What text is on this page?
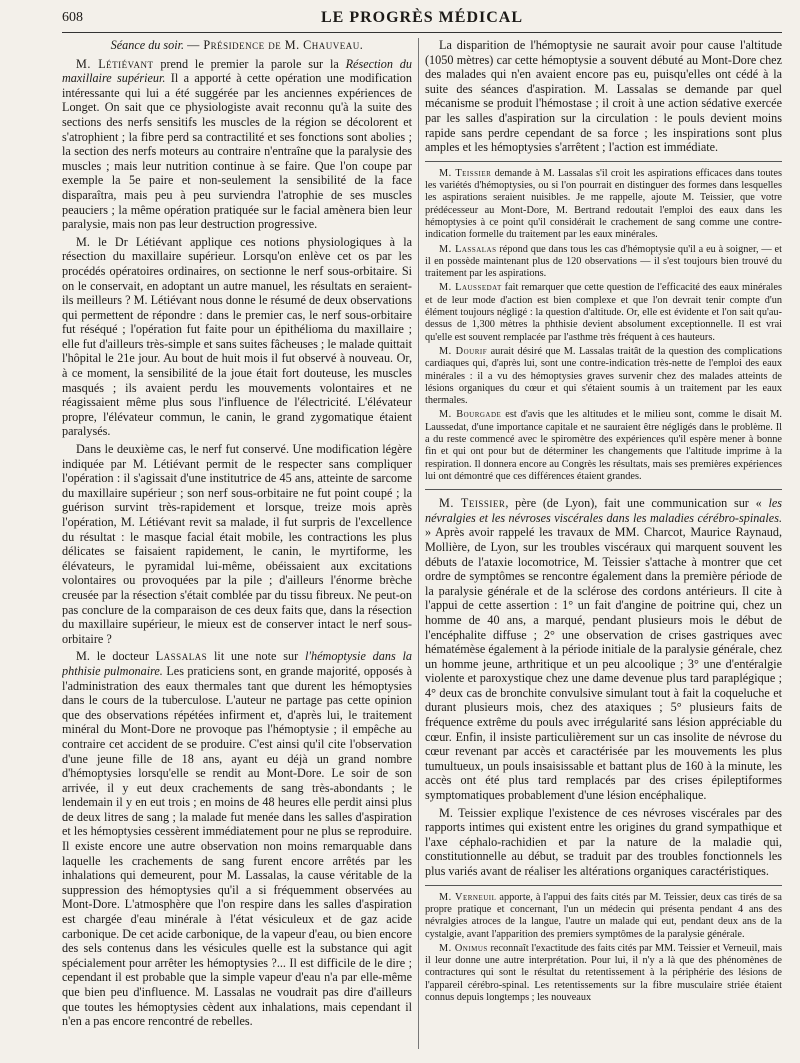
608	LE PROGRÈS MÉDICAL

Séance du soir. — Présidence de M. Chauveau.

M. Létiévant prend le premier la parole sur la Résection du maxillaire supérieur. Il a apporté à cette opération une modification intéressante qui lui a été suggérée par les anciennes expériences de Longet. On sait que ce physiologiste avait reconnu qu'à la suite des sections des nerfs sensitifs les muscles de la région se décolorent et s'atrophient ; la fibre perd sa contractilité et ses fonctions sont abolies ; la section des nerfs moteurs au contraire n'entraîne que la paralysie des muscles ; mais leur nutrition continue à se faire. Que l'on coupe par exemple la 5e paire et non-seulement la sensibilité de la face disparaîtra, mais peu à peu surviendra l'atrophie de ses muscles peauciers ; la même opération pratiquée sur le facial amènera bien leur paralysie, mais non pas leur destruction progressive.

M. le Dr Létiévant applique ces notions physiologiques à la résection du maxillaire supérieur. Lorsqu'on enlève cet os par les procédés opératoires ordinaires, on sectionne le nerf sous-orbitaire. Si on le conservait, en adoptant un autre manuel, les résultats en seraient-ils meilleurs ? M. Létiévant nous donne le résumé de deux observations qui permettent de répondre : dans le premier cas, le nerf sous-orbitaire fut réséqué ; l'opération fut faite pour un épithélioma du maxillaire ; elle fut d'ailleurs très-simple et sans suites fâcheuses ; le malade quittait l'hôpital le 21e jour. Au bout de huit mois il fut observé à nouveau. Or, à ce moment, la sensibilité de la joue était fort douteuse, les muscles masqués ; ils avaient perdu les mouvements volontaires et ne réagissaient même plus sous l'influence de l'électricité. L'élévateur propre, l'élévateur commun, le canin, le grand zygomatique étaient paralysés.

Dans le deuxième cas, le nerf fut conservé. Une modification légère indiquée par M. Létiévant permit de le respecter sans compliquer l'opération : il s'agissait d'une institutrice de 45 ans, atteinte de sarcome du maxillaire supérieur ; son nerf sous-orbitaire ne fut point coupé ; la guérison survint très-rapidement et lorsque, treize mois après l'opération, M. Létiévant revit sa malade, il fut surpris de l'excellence du résultat : le masque facial était mobile, les contractions les plus délicates se faisaient rapidement, le canin, le myrtiforme, les élévateurs, le pyramidal lui-même, obéissaient aux excitations volontaires ou provoquées par la pile ; d'ailleurs l'énorme brèche creusée par la résection s'était comblée par du tissu fibreux. Ne peut-on pas conclure de la comparaison de ces deux faits que, dans la résection du maxillaire supérieur, le mieux est de conserver intact le nerf sous-orbitaire ?

M. le docteur Lassalas lit une note sur l'hémoptysie dans la phthisie pulmonaire. Les praticiens sont, en grande majorité, opposés à l'administration des eaux thermales tant que durent les hémoptysies dans le cours de la tuberculose. L'auteur ne partage pas cette opinion que des observations répétées infirment et, d'après lui, le traitement minéral du Mont-Dore ne provoque pas l'hémoptysie ; il empêche au contraire cet accident de se produire. C'est ainsi qu'il cite l'observation d'une jeune fille de 18 ans, ayant eu déjà un grand nombre d'hémoptysies lorsqu'elle se rendit au Mont-Dore. Le soir de son arrivée, il y eut deux crachements de sang très-abondants ; le lendemain il y en eut trois ; en moins de 48 heures elle perdit ainsi plus de deux litres de sang ; la malade fut menée dans les salles d'aspiration et les hémoptysies cessèrent immédiatement pour ne plus se reproduire. Il existe encore une autre observation non moins remarquable dans laquelle les crachements de sang furent encore arrêtés par les inhalations qui demeurent, pour M. Lassalas, la cause véritable de la suppression des hémoptysies qu'il a si fréquemment observées au Mont-Dore. L'atmosphère que l'on respire dans les salles d'aspiration est chargée d'eau minérale à l'état vésiculeux et de gaz acide carbonique. De cet acide carbonique, de la vapeur d'eau, ou bien encore des sels contenus dans les vésicules quelle est la substance qui agit spécialement pour arrêter les hémoptysies ?... Il est difficile de le dire ; cependant il est probable que la simple vapeur d'eau n'a par elle-même que bien peu d'influence. M. Lassalas ne voudrait pas dire d'ailleurs que toutes les hémoptysies cèdent aux inhalations, mais cependant il n'en a pas encore rencontré de rebelles.

La disparition de l'hémoptysie ne saurait avoir pour cause l'altitude (1050 mètres) car cette hémoptysie a souvent débuté au Mont-Dore chez des malades qui n'en avaient encore pas eu, puisqu'elles ont cédé à la suite des séances d'aspiration. M. Lassalas se demande par quel mécanisme se produit l'hémostase ; il croit à une action sédative exercée par les salles d'aspiration sur la circulation : le pouls devient moins rapide sans perdre cependant de sa force ; les inspirations sont plus amples et les hémoptysies s'arrêtent ; l'action est immédiate.

M. Teissier demande à M. Lassalas s'il croit les aspirations efficaces dans toutes les variétés d'hémoptysies, ou si l'on pourrait en distinguer des formes dans lesquelles les aspirations seraient nuisibles. Je me rappelle, ajoute M. Teissier, que votre prédécesseur au Mont-Dore, M. Bertrand redoutait l'emploi des eaux dans les hémoptysies à ce point qu'il considérait le crachement de sang comme une contre-indication formelle du traitement par les eaux minérales.

M. Lassalas répond que dans tous les cas d'hémoptysie qu'il a eu à soigner, — et il en possède maintenant plus de 120 observations — il s'est toujours bien trouvé du traitement par les aspirations.

M. Laussedat fait remarquer que cette question de l'efficacité des eaux minérales et de leur mode d'action est bien complexe et que l'on devrait tenir compte d'un élément toujours négligé : la question d'altitude. Or, elle est évidente et l'on sait qu'au-dessus de 1,300 mètres la phthisie devient absolument exceptionnelle. Il est vrai qu'elle est souvent remplacée par l'asthme très fréquent à ces hauteurs.

M. Dourif aurait désiré que M. Lassalas traitât de la question des complications cardiaques qui, d'après lui, sont une contre-indication très-nette de l'emploi des eaux minérales : il a vu des hémoptysies graves survenir chez des malades atteints de lésions organiques du cœur et qui s'étaient soumis à un traitement par les eaux thermales.

M. Bourgade est d'avis que les altitudes et le milieu sont, comme le disait M. Laussedat, d'une importance capitale et ne sauraient être négligés dans le problème. Il a du reste commencé avec le spiromètre des expériences qu'il espère mener à bonne fin et qui ont pour but de déterminer les changements que l'altitude imprime à la respiration. Il donnera encore au Congrès les résultats, mais ses premières expériences lui ont démontré que ces différences étaient grandes.

M. Teissier, père (de Lyon), fait une communication sur « les névralgies et les névroses viscérales dans les maladies cérébro-spinales. » Après avoir rappelé les travaux de MM. Charcot, Maurice Raynaud, Mollière, de Lyon, sur les troubles viscéraux qui marquent souvent les débuts de l'ataxie locomotrice, M. Teissier s'attache à montrer que cet ordre de symptômes se rencontre également dans la première période de la paralysie générale et de la sclérose des cordons antérieurs. Il cite à l'appui de cette assertion : 1° un fait d'angine de poitrine qui, chez un homme de 40 ans, a marqué, pendant plusieurs mois le début de l'encéphalite diffuse ; 2° une observation de crises gastriques avec hématémèse également à la période initiale de la paralysie générale, chez un homme jeune, arthritique et un peu alcoolique ; 3° une d'entéralgie violente et paroxystique chez une dame devenue plus tard paraplégique ; 4° deux cas de bronchite convulsive simulant tout à fait la coqueluche et durant plusieurs mois, chez des ataxiques ; 5° plusieurs faits de fréquence extrême du pouls avec irrégularité sans lésion appréciable du cœur. Enfin, il insiste particulièrement sur un cas insolite de névrose du cœur revenant par accès et caractérisée par les mouvements les plus tumultueux, un pouls insaisissable et battant plus de 160 à la minute, les accès ont été plus tard remplacés par des crises épileptiformes symptomatiques probablement d'une lésion encéphalique.

M. Teissier explique l'existence de ces névroses viscérales par des rapports intimes qui existent entre les origines du grand sympathique et l'axe céphalo-rachidien et par la nature de la maladie qui, constitutionnelle au début, se traduit par des troubles fonctionnels les plus variés avant de réaliser les altérations organiques caractéristiques.

M. Verneuil apporte, à l'appui des faits cités par M. Teissier, deux cas tirés de sa propre pratique et concernant, l'un un médecin qui présenta pendant 4 ans des névralgies atroces de la langue, l'autre un malade qui eut, pendant deux ans de la cystalgie, avant l'apparition des premiers symptômes de la paralysie générale.

M. Onimus reconnaît l'exactitude des faits cités par MM. Teissier et Verneuil, mais il leur donne une autre interprétation. Pour lui, il n'y a là que des phénomènes de contractures qui sont le résultat du retentissement à la périphérie des lésions de l'appareil cérébro-spinal. Les retentissements sur la fibre musculaire striée étaient connus depuis longtemps ; les nouveaux
